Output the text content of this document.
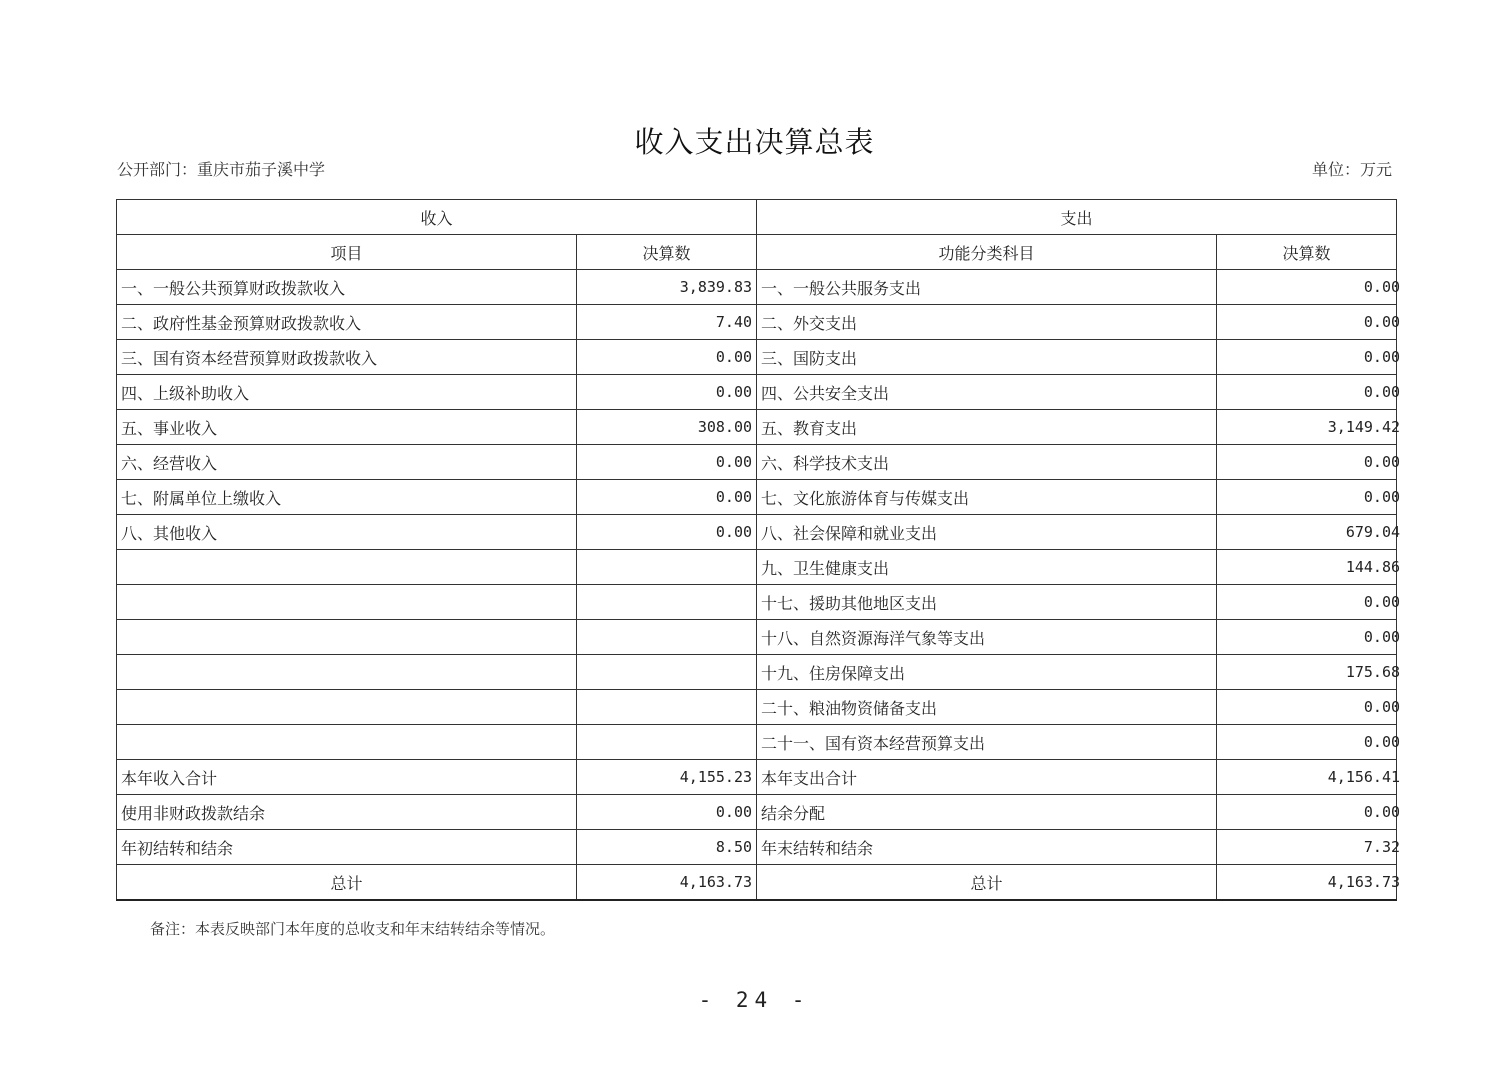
收入支出决算总表
公开部门：重庆市茄子溪中学	单位：万元
收入		支出	
项目	决算数	功能分类科目	决算数
一、一般公共预算财政拨款收入	3,839.83	一、一般公共服务支出	0.00
二、政府性基金预算财政拨款收入	7.40	二、外交支出	0.00
三、国有资本经营预算财政拨款收入	0.00	三、国防支出	0.00
四、上级补助收入	0.00	四、公共安全支出	0.00
五、事业收入	308.00	五、教育支出	3,149.42
六、经营收入	0.00	六、科学技术支出	0.00
七、附属单位上缴收入	0.00	七、文化旅游体育与传媒支出	0.00
八、其他收入	0.00	八、社会保障和就业支出	679.04
		九、卫生健康支出	144.86
		十七、援助其他地区支出	0.00
		十八、自然资源海洋气象等支出	0.00
		十九、住房保障支出	175.68
		二十、粮油物资储备支出	0.00
		二十一、国有资本经营预算支出	0.00
本年收入合计	4,155.23	本年支出合计	4,156.41
使用非财政拨款结余	0.00	结余分配	0.00
年初结转和结余	8.50	年末结转和结余	7.32
总计	4,163.73	总计	4,163.73
备注：本表反映部门本年度的总收支和年末结转结余等情况。
- 24 -
